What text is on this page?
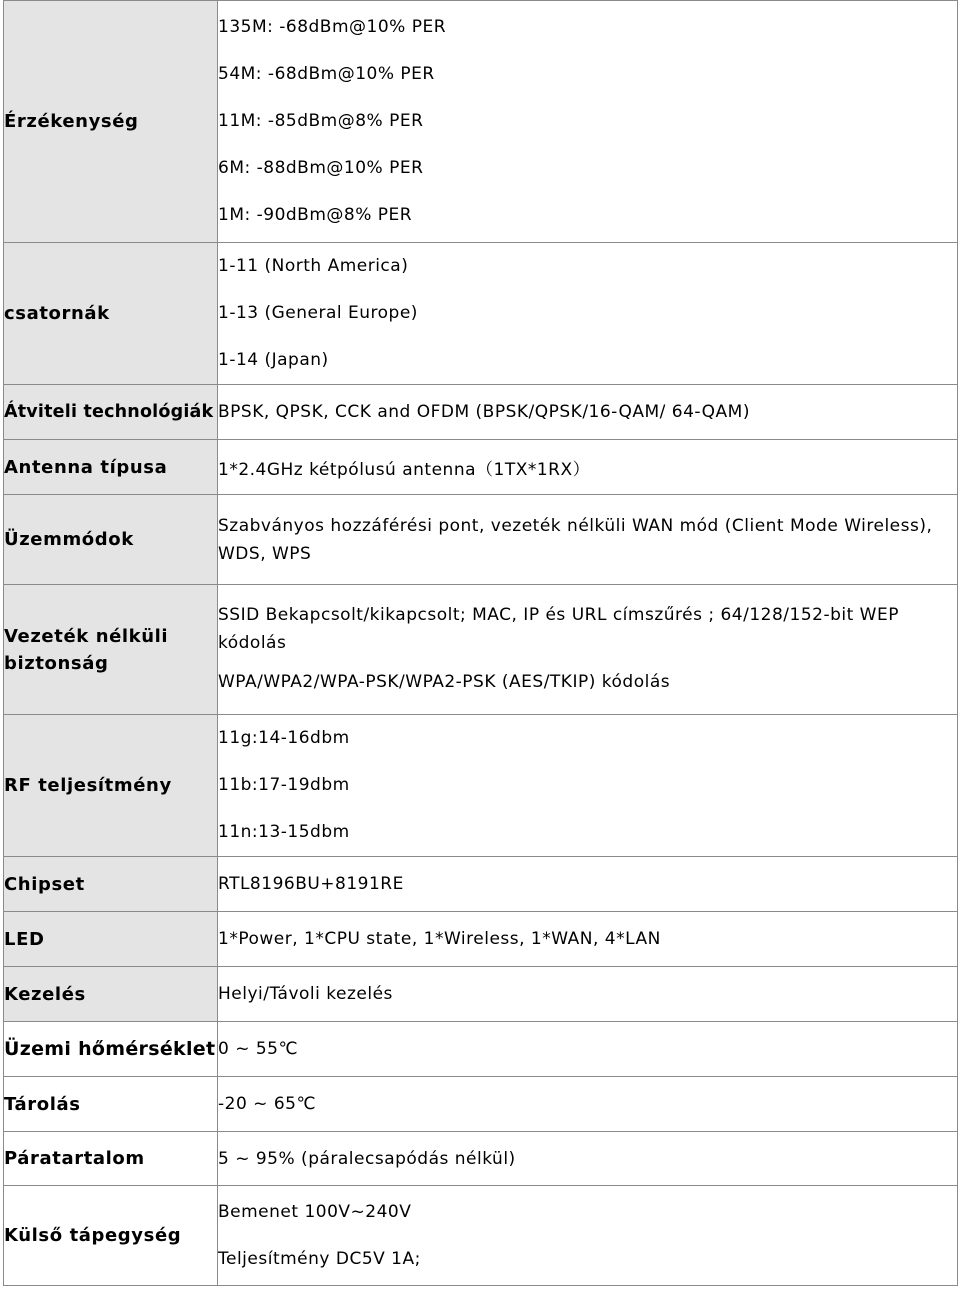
Érzékenység	135M: -68dBm@10% PER
54M: -68dBm@10% PER
11M: -85dBm@8% PER
6M: -88dBm@10% PER
1M: -90dBm@8% PER

csatornák	1-11 (North America)
1-13 (General Europe)
1-14 (Japan)

Átviteli technológiák	BPSK, QPSK, CCK and OFDM (BPSK/QPSK/16-QAM/ 64-QAM)
Antenna típusa	1*2.4GHz kétpólusú antenna（1TX*1RX）
Üzemmódok	Szabványos hozzáférési pont, vezeték nélküli WAN mód (Client Mode Wireless), WDS, WPS

Vezeték nélküli biztonság	SSID Bekapcsolt/kikapcsolt; MAC, IP és URL címszűrés ; 64/128/152-bit WEP kódolás
WPA/WPA2/WPA-PSK/WPA2-PSK (AES/TKIP) kódolás

RF teljesítmény	11g:14-16dbm
11b:17-19dbm
11n:13-15dbm

Chipset	RTL8196BU+8191RE
LED	1*Power, 1*CPU state, 1*Wireless, 1*WAN, 4*LAN
Kezelés	Helyi/Távoli kezelés
Üzemi hőmérséklet	0 ~ 55℃
Tárolás	-20 ~ 65℃
Páratartalom	5 ~ 95% (páralecsapódás nélkül)
Külső tápegység	Bemenet 100V~240V
Teljesítmény DC5V 1A;
